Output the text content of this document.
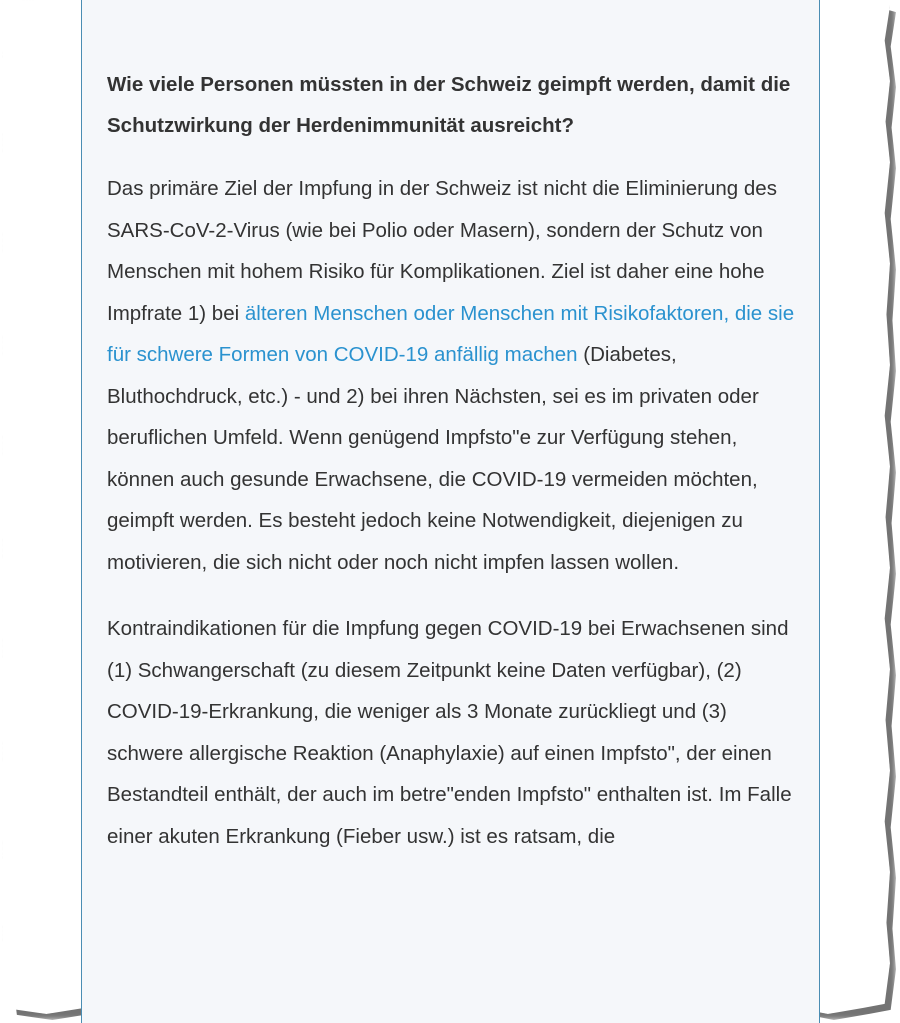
Wie viele Personen müssten in der Schweiz geimpft werden, damit die Schutzwirkung der Herdenimmunität ausreicht?
Das primäre Ziel der Impfung in der Schweiz ist nicht die Eliminierung des SARS-CoV-2-Virus (wie bei Polio oder Masern), sondern der Schutz von Menschen mit hohem Risiko für Komplikationen. Ziel ist daher eine hohe Impfrate 1) bei älteren Menschen oder Menschen mit Risikofaktoren, die sie für schwere Formen von COVID-19 anfällig machen (Diabetes, Bluthochdruck, etc.) - und 2) bei ihren Nächsten, sei es im privaten oder beruflichen Umfeld. Wenn genügend Impfsto"e zur Verfügung stehen, können auch gesunde Erwachsene, die COVID-19 vermeiden möchten, geimpft werden. Es besteht jedoch keine Notwendigkeit, diejenigen zu motivieren, die sich nicht oder noch nicht impfen lassen wollen.
Kontraindikationen für die Impfung gegen COVID-19 bei Erwachsenen sind (1) Schwangerschaft (zu diesem Zeitpunkt keine Daten verfügbar), (2) COVID-19-Erkrankung, die weniger als 3 Monate zurückliegt und (3) schwere allergische Reaktion (Anaphylaxie) auf einen Impfsto", der einen Bestandteil enthält, der auch im betre"enden Impfsto" enthalten ist. Im Falle einer akuten Erkrankung (Fieber usw.) ist es ratsam, die
